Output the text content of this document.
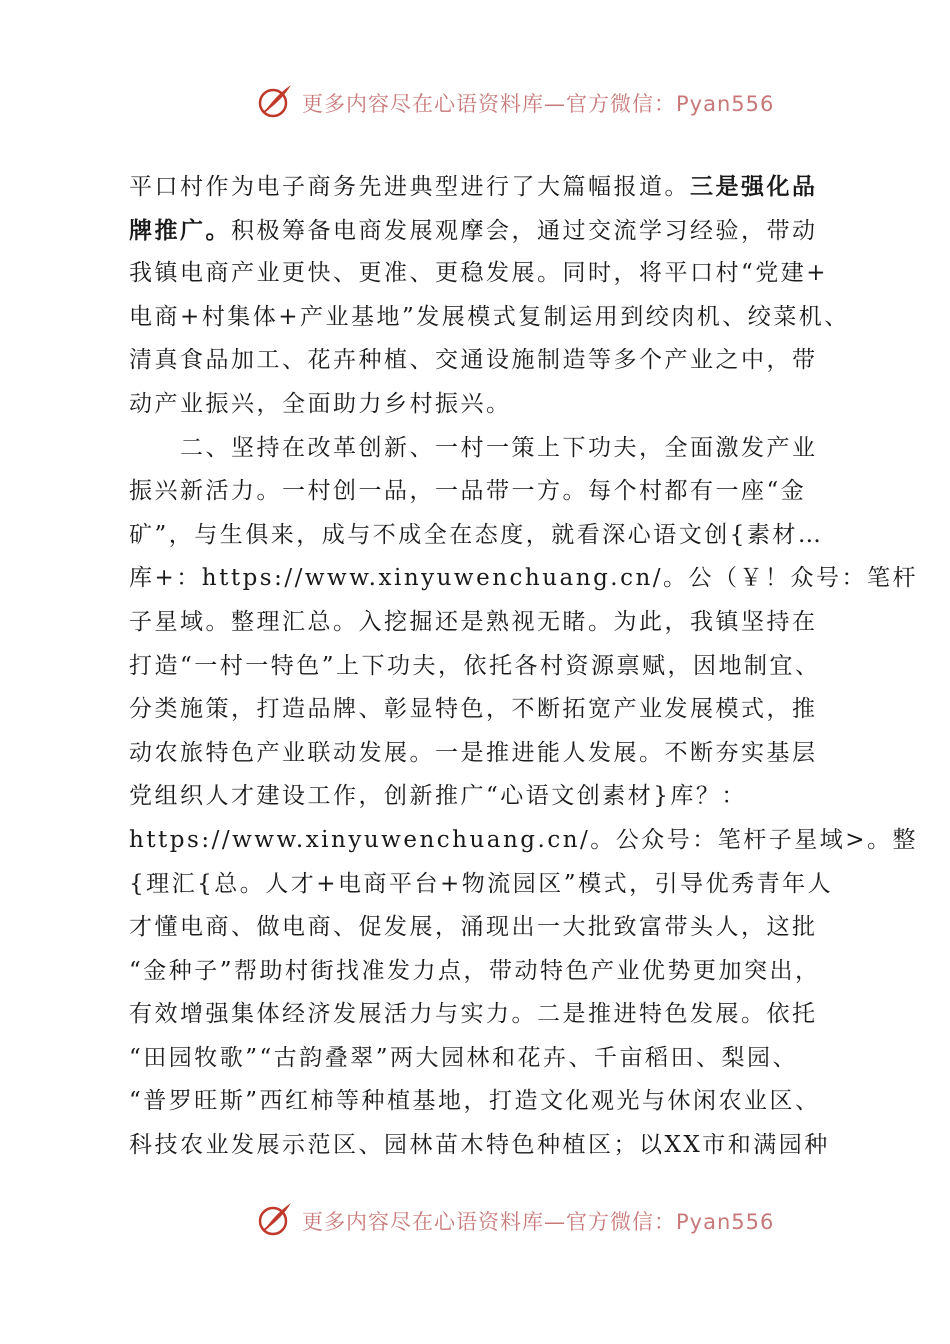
更多内容尽在心语资料库—官方微信：Pyan556
平口村作为电子商务先进典型进行了大篇幅报道。三是强化品
牌推广。积极筹备电商发展观摩会，通过交流学习经验，带动
我镇电商产业更快、更准、更稳发展。同时，将平口村“党建+
电商+村集体+产业基地”发展模式复制运用到绞肉机、绞菜机、
清真食品加工、花卉种植、交通设施制造等多个产业之中，带
动产业振兴，全面助力乡村振兴。
　　二、坚持在改革创新、一村一策上下功夫，全面激发产业
振兴新活力。一村创一品，一品带一方。每个村都有一座“金
矿”，与生俱来，成与不成全在态度，就看深心语文创{素材…
库+：https://www.xinyuwenchuang.cn/。公（￥！众号：笔杆
子星域。整理汇总。入挖掘还是熟视无睹。为此，我镇坚持在
打造“一村一特色”上下功夫，依托各村资源禀赋，因地制宜、
分类施策，打造品牌、彰显特色，不断拓宽产业发展模式，推
动农旅特色产业联动发展。一是推进能人发展。不断夯实基层
党组织人才建设工作，创新推广“心语文创素材}库？：
https://www.xinyuwenchuang.cn/。公众号：笔杆子星域>。整
{理汇{总。人才+电商平台+物流园区”模式，引导优秀青年人
才懂电商、做电商、促发展，涌现出一大批致富带头人，这批
“金种子”帮助村街找准发力点，带动特色产业优势更加突出，
有效增强集体经济发展活力与实力。二是推进特色发展。依托
“田园牧歌”“古韵叠翠”两大园林和花卉、千亩稻田、梨园、
“普罗旺斯”西红柿等种植基地，打造文化观光与休闲农业区、
科技农业发展示范区、园林苗木特色种植区；以XX市和满园种
更多内容尽在心语资料库—官方微信：Pyan556
